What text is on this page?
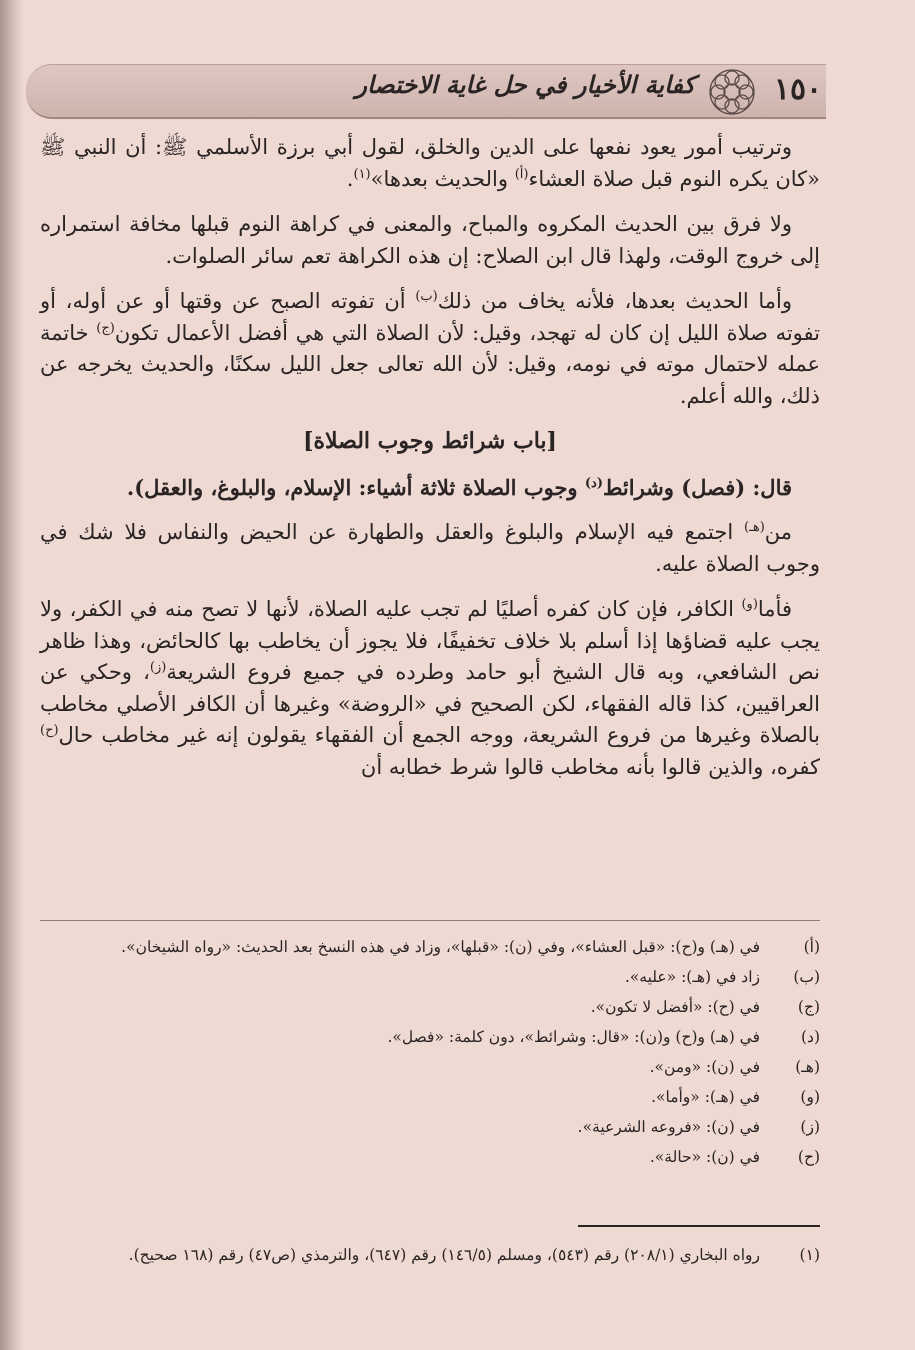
١٥٠
كفاية الأخيار في حل غاية الاختصار

وترتيب أمور يعود نفعها على الدين والخلق، لقول أبي برزة الأسلمي ﷺ: أن النبي ﷺ «كان يكره النوم قبل صلاة العشاء$^{(أ)}$ والحديث بعدها»$^{(١)}$.

ولا فرق بين الحديث المكروه والمباح، والمعنى في كراهة النوم قبلها مخافة استمراره إلى خروج الوقت، ولهذا قال ابن الصلاح: إن هذه الكراهة تعم سائر الصلوات.

وأما الحديث بعدها، فلأنه يخاف من ذلك$^{(ب)}$ أن تفوته الصبح عن وقتها أو عن أوله، أو تفوته صلاة الليل إن كان له تهجد، وقيل: لأن الصلاة التي هي أفضل الأعمال تكون$^{(ج)}$ خاتمة عمله لاحتمال موته في نومه، وقيل: لأن الله تعالى جعل الليل سكنًا، والحديث يخرجه عن ذلك، والله أعلم.

[باب شرائط وجوب الصلاة]

قال: (فصل) وشرائط$^{(د)}$ وجوب الصلاة ثلاثة أشياء: الإسلام، والبلوغ، والعقل).

من$^{(هـ)}$ اجتمع فيه الإسلام والبلوغ والعقل والطهارة عن الحيض والنفاس فلا شك في وجوب الصلاة عليه.

فأما$^{(و)}$ الكافر، فإن كان كفره أصليًا لم تجب عليه الصلاة، لأنها لا تصح منه في الكفر، ولا يجب عليه قضاؤها إذا أسلم بلا خلاف تخفيفًا، فلا يجوز أن يخاطب بها كالحائض، وهذا ظاهر نص الشافعي، وبه قال الشيخ أبو حامد وطرده في جميع فروع الشريعة$^{(ز)}$، وحكي عن العراقيين، كذا قاله الفقهاء، لكن الصحيح في «الروضة» وغيرها أن الكافر الأصلي مخاطب بالصلاة وغيرها من فروع الشريعة، ووجه الجمع أن الفقهاء يقولون إنه غير مخاطب حال$^{(ح)}$ كفره، والذين قالوا بأنه مخاطب قالوا شرط خطابه أن

(أ)
في (هـ) و(ح): «قبل العشاء»، وفي (ن): «قبلها»، وزاد في هذه النسخ بعد الحديث: «رواه الشيخان».
(ب)
زاد في (هـ): «عليه».
(ج)
في (ح): «أفضل لا تكون».
(د)
في (هـ) و(ح) و(ن): «قال: وشرائط»، دون كلمة: «فصل».
(هـ)
في (ن): «ومن».
(و)
في (هـ): «وأما».
(ز)
في (ن): «فروعه الشرعية».
(ح)
في (ن): «حالة».
(١)
رواه البخاري (٢٠٨/١) رقم (٥٤٣)، ومسلم (١٤٦/٥) رقم (٦٤٧)، والترمذي (ص٤٧) رقم (١٦٨ صحيح).
